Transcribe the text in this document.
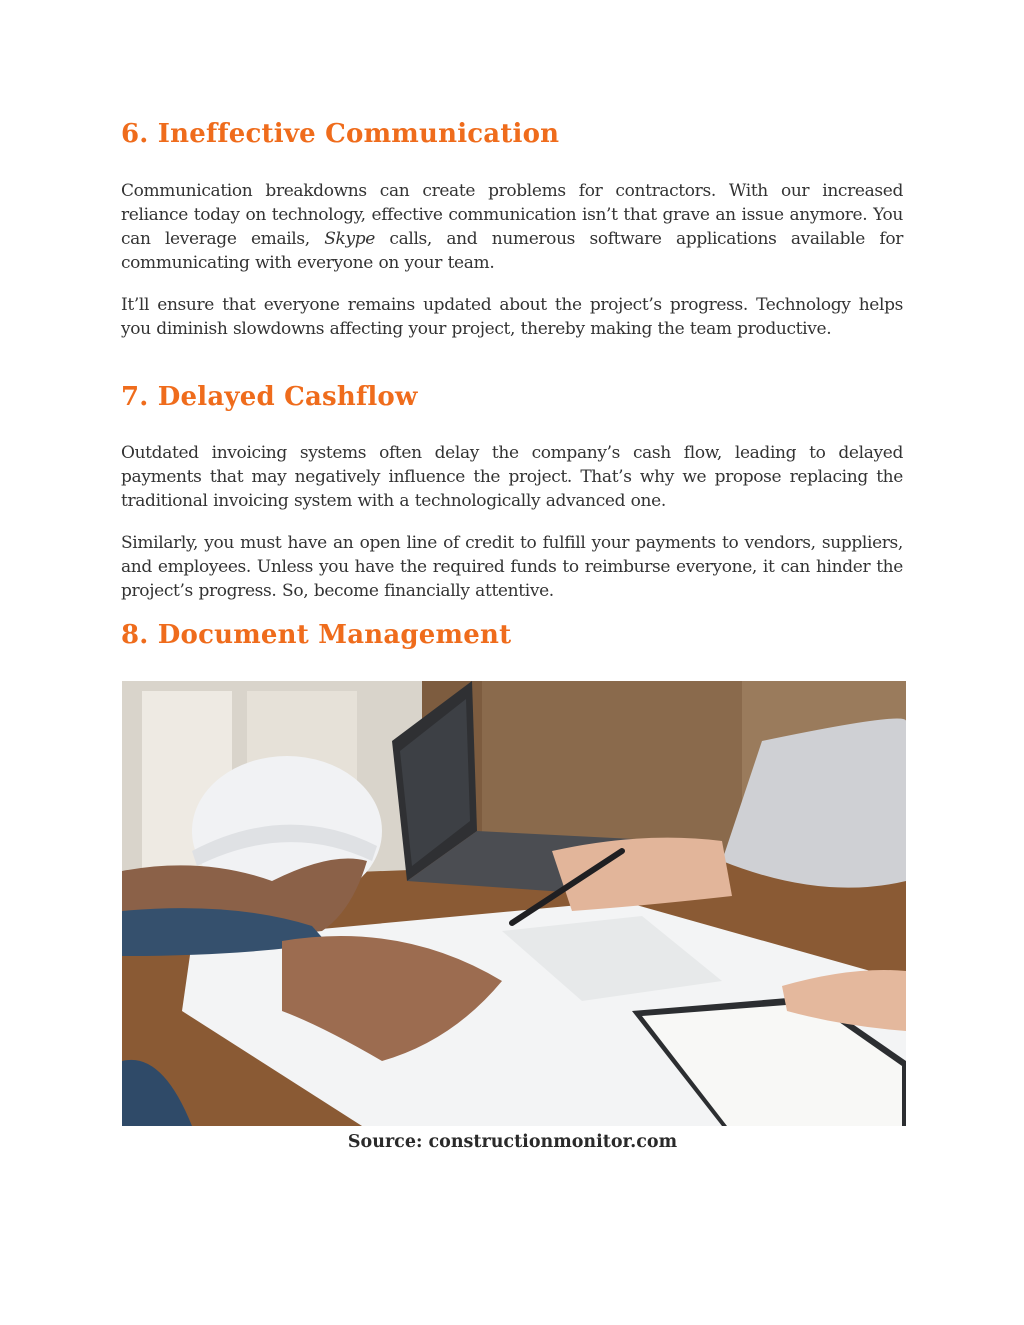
6. Ineffective Communication

Communication breakdowns can create problems for contractors. With our increased reliance today on technology, effective communication isn’t that grave an issue anymore. You can leverage emails, Skype calls, and numerous software applications available for communicating with everyone on your team.

It’ll ensure that everyone remains updated about the project’s progress. Technology helps you diminish slowdowns affecting your project, thereby making the team productive.

7. Delayed Cashflow

Outdated invoicing systems often delay the company’s cash flow, leading to delayed payments that may negatively influence the project. That’s why we propose replacing the traditional invoicing system with a technologically advanced one.

Similarly, you must have an open line of credit to fulfill your payments to vendors, suppliers, and employees. Unless you have the required funds to reimburse everyone, it can hinder the project’s progress. So, become financially attentive.

8. Document Management

Source: constructionmonitor.com
